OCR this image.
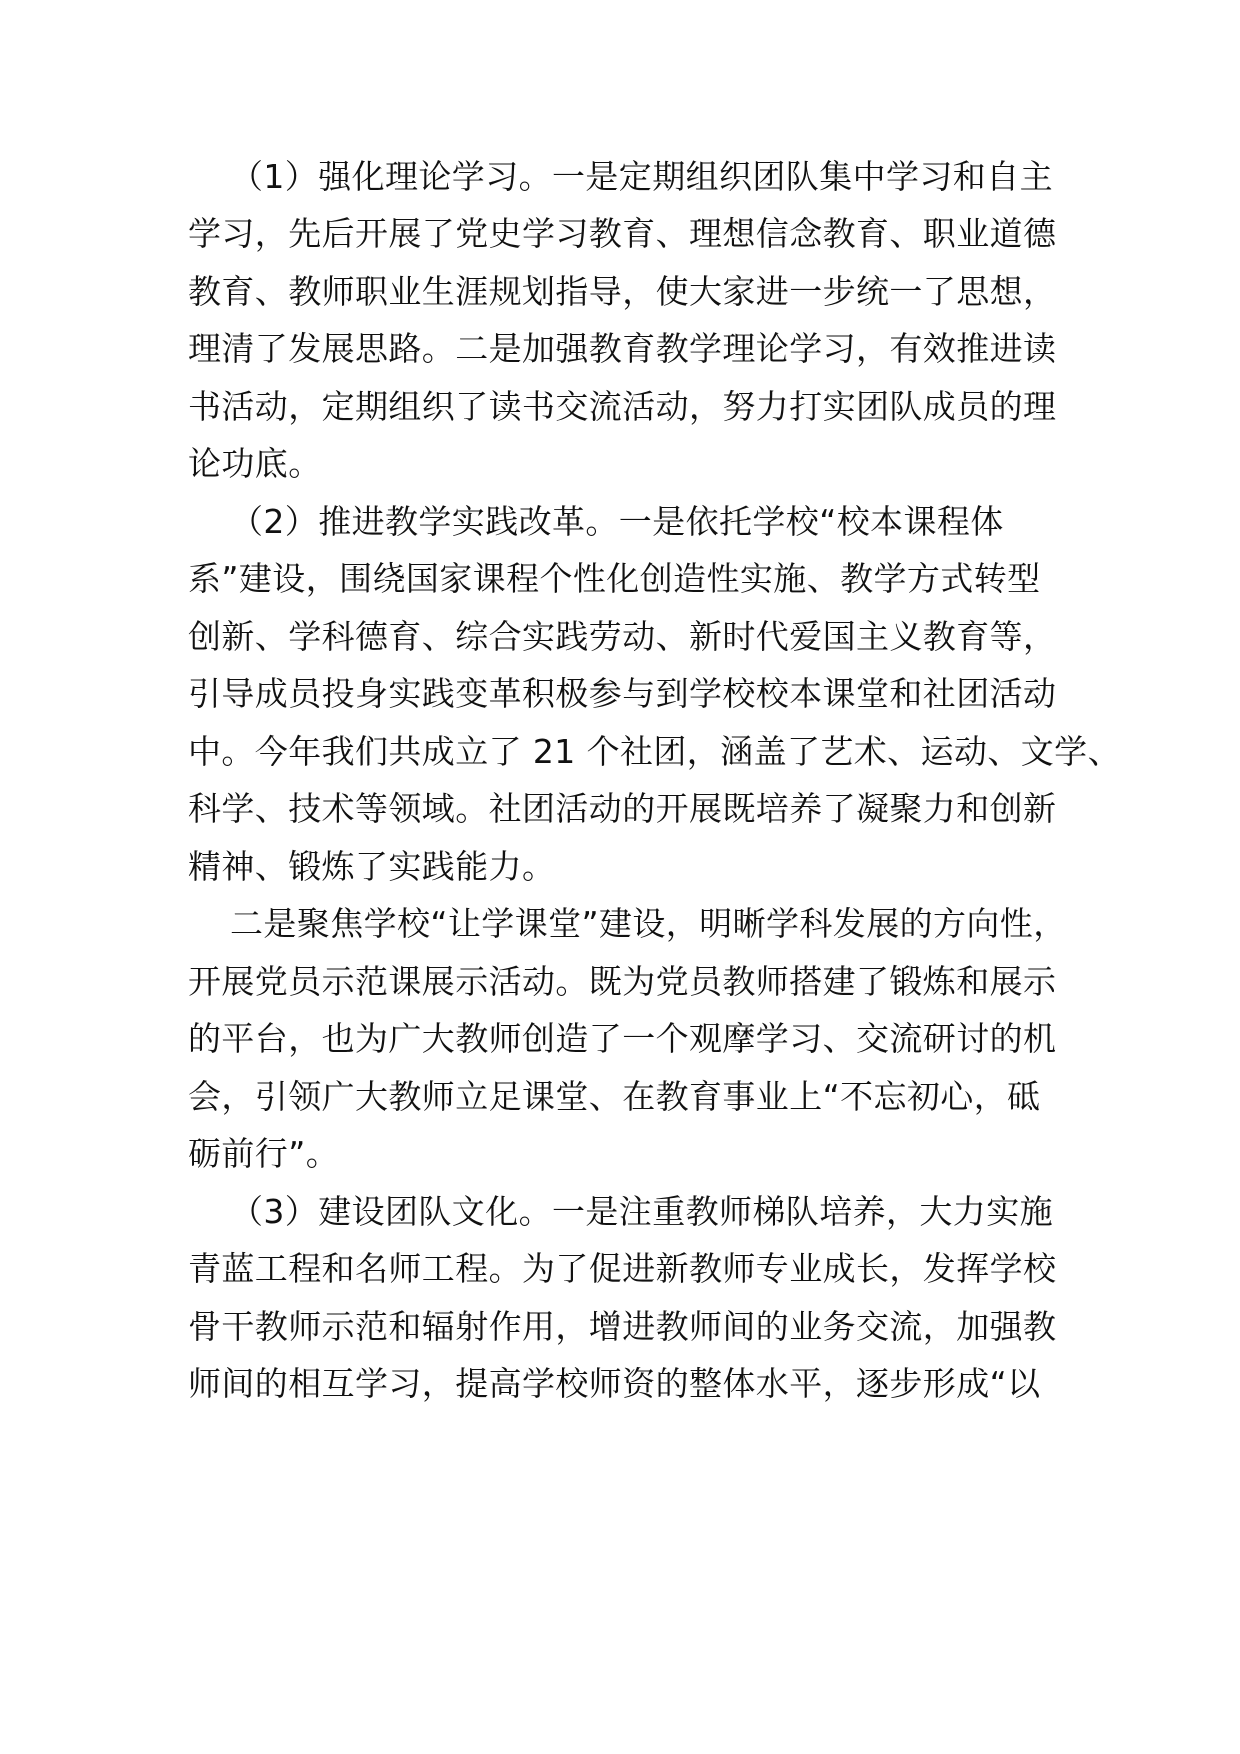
（1）强化理论学习。一是定期组织团队集中学习和自主
学习，先后开展了党史学习教育、理想信念教育、职业道德
教育、教师职业生涯规划指导，使大家进一步统一了思想，
理清了发展思路。二是加强教育教学理论学习，有效推进读
书活动，定期组织了读书交流活动，努力打实团队成员的理
论功底。
（2）推进教学实践改革。一是依托学校“校本课程体
系”建设，围绕国家课程个性化创造性实施、教学方式转型
创新、学科德育、综合实践劳动、新时代爱国主义教育等，
引导成员投身实践变革积极参与到学校校本课堂和社团活动
中。今年我们共成立了 21 个社团，涵盖了艺术、运动、文学、
科学、技术等领域。社团活动的开展既培养了凝聚力和创新
精神、锻炼了实践能力。
二是聚焦学校“让学课堂”建设，明晰学科发展的方向性，
开展党员示范课展示活动。既为党员教师搭建了锻炼和展示
的平台，也为广大教师创造了一个观摩学习、交流研讨的机
会，引领广大教师立足课堂、在教育事业上“不忘初心，砥
砺前行”。
（3）建设团队文化。一是注重教师梯队培养，大力实施
青蓝工程和名师工程。为了促进新教师专业成长，发挥学校
骨干教师示范和辐射作用，增进教师间的业务交流，加强教
师间的相互学习，提高学校师资的整体水平，逐步形成“以
